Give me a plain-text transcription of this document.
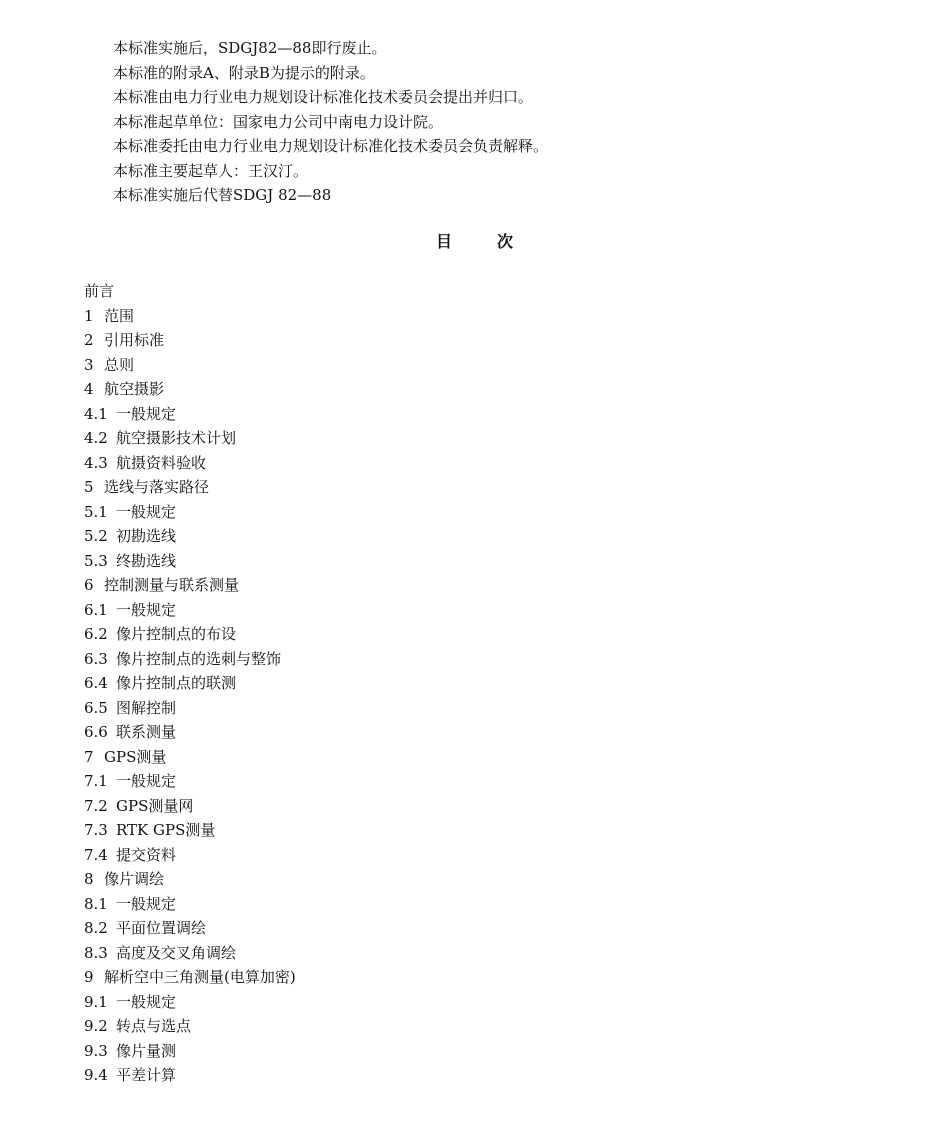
本标准实施后，SDGJ82—88即行废止。
本标准的附录A、附录B为提示的附录。
本标准由电力行业电力规划设计标准化技术委员会提出并归口。
本标准起草单位：国家电力公司中南电力设计院。
本标准委托由电力行业电力规划设计标准化技术委员会负责解释。
本标准主要起草人：王汉汀。
本标准实施后代替SDGJ 82—88
目	次
前言
1 范围
2 引用标准
3 总则
4 航空摄影
4.1 一般规定
4.2 航空摄影技术计划
4.3 航摄资料验收
5 选线与落实路径
5.1 一般规定
5.2 初勘选线
5.3 终勘选线
6 控制测量与联系测量
6.1 一般规定
6.2 像片控制点的布设
6.3 像片控制点的选刺与整饰
6.4 像片控制点的联测
6.5 图解控制
6.6 联系测量
7 GPS测量
7.1 一般规定
7.2 GPS测量网
7.3 RTK GPS测量
7.4 提交资料
8 像片调绘
8.1 一般规定
8.2 平面位置调绘
8.3 高度及交叉角调绘
9 解析空中三角测量(电算加密)
9.1 一般规定
9.2 转点与选点
9.3 像片量测
9.4 平差计算
